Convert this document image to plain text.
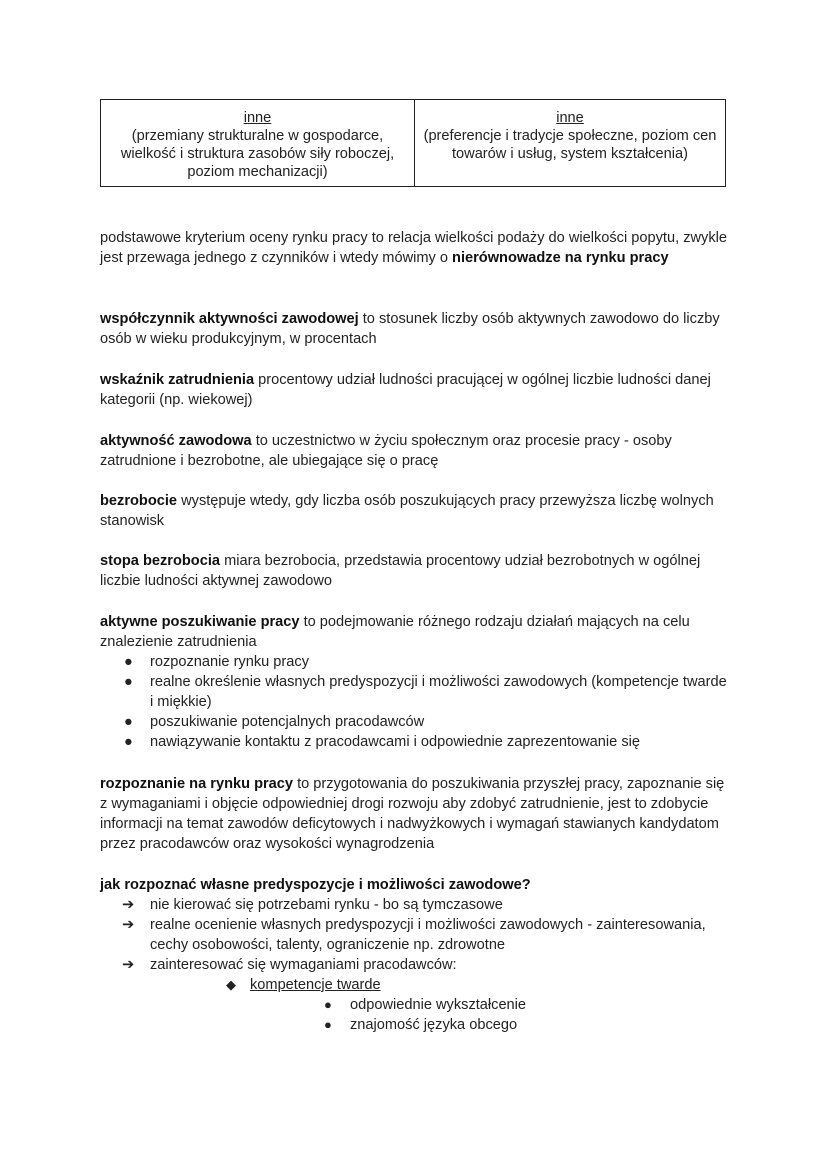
inne
(przemiany strukturalne w gospodarce, wielkość i struktura zasobów siły roboczej, poziom mechanizacji)

inne
(preferencje i tradycje społeczne, poziom cen towarów i usług, system kształcenia)

podstawowe kryterium oceny rynku pracy to relacja wielkości podaży do wielkości popytu, zwykle jest przewaga jednego z czynników i wtedy mówimy o nierównowadze na rynku pracy

współczynnik aktywności zawodowej to stosunek liczby osób aktywnych zawodowo do liczby osób w wieku produkcyjnym, w procentach

wskaźnik zatrudnienia procentowy udział ludności pracującej w ogólnej liczbie ludności danej kategorii (np. wiekowej)

aktywność zawodowa to uczestnictwo w życiu społecznym oraz procesie pracy - osoby zatrudnione i bezrobotne, ale ubiegające się o pracę

bezrobocie występuje wtedy, gdy liczba osób poszukujących pracy przewyższa liczbę wolnych stanowisk

stopa bezrobocia miara bezrobocia, przedstawia procentowy udział bezrobotnych w ogólnej liczbie ludności aktywnej zawodowo

aktywne poszukiwanie pracy to podejmowanie różnego rodzaju działań mających na celu znalezienie zatrudnienia

● rozpoznanie rynku pracy
● realne określenie własnych predyspozycji i możliwości zawodowych (kompetencje twarde i miękkie)
● poszukiwanie potencjalnych pracodawców
● nawiązywanie kontaktu z pracodawcami i odpowiednie zaprezentowanie się

rozpoznanie na rynku pracy to przygotowania do poszukiwania przyszłej pracy, zapoznanie się z wymaganiami i objęcie odpowiedniej drogi rozwoju aby zdobyć zatrudnienie, jest to zdobycie informacji na temat zawodów deficytowych i nadwyżkowych i wymagań stawianych kandydatom przez pracodawców oraz wysokości wynagrodzenia

jak rozpoznać własne predyspozycje i możliwości zawodowe?

➔ nie kierować się potrzebami rynku - bo są tymczasowe
➔ realne ocenienie własnych predyspozycji i możliwości zawodowych - zainteresowania, cechy osobowości, talenty, ograniczenie np. zdrowotne
➔ zainteresować się wymaganiami pracodawców:
◆ kompetencje twarde
● odpowiednie wykształcenie
● znajomość języka obcego
